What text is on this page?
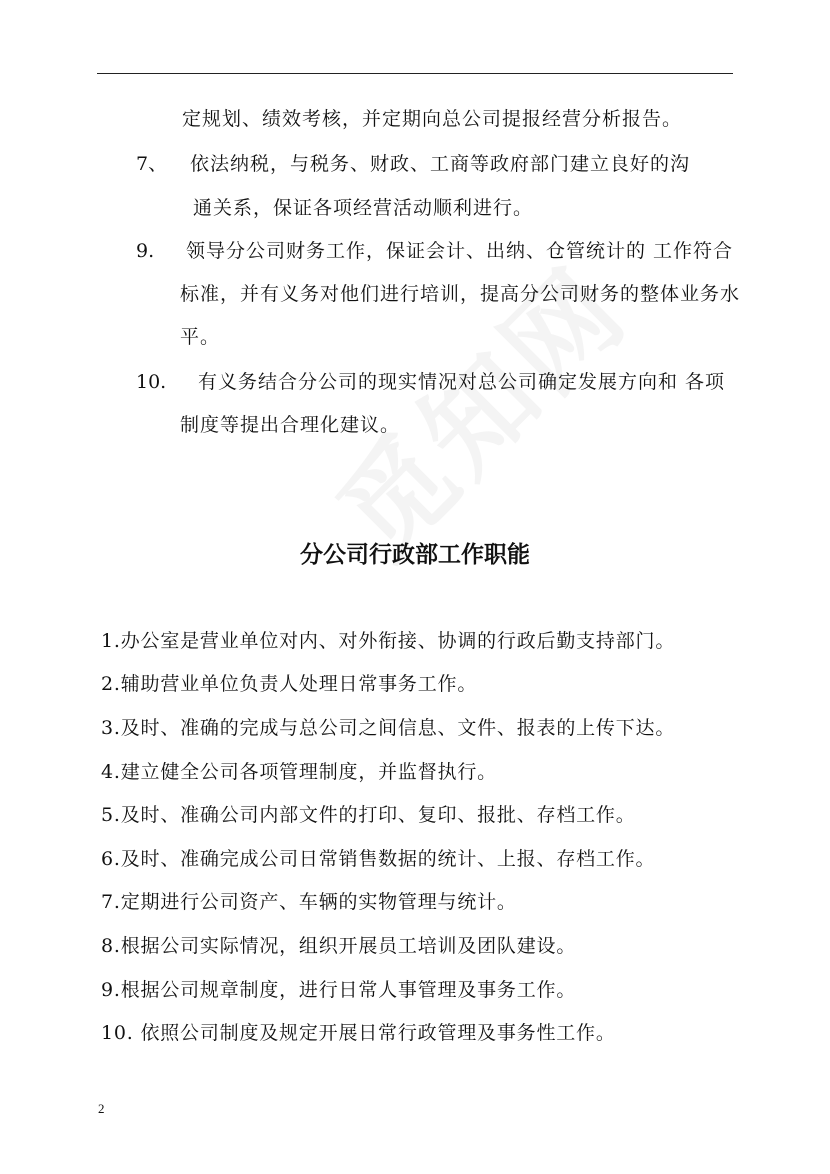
定规划、绩效考核，并定期向总公司提报经营分析报告。
7、 依法纳税，与税务、财政、工商等政府部门建立良好的沟
通关系，保证各项经营活动顺利进行。
9. 领导分公司财务工作，保证会计、出纳、仓管统计的 工作符合
标准，并有义务对他们进行培训，提高分公司财务的整体业务水
平。
10. 有义务结合分公司的现实情况对总公司确定发展方向和 各项
制度等提出合理化建议。
分公司行政部工作职能
1.办公室是营业单位对内、对外衔接、协调的行政后勤支持部门。
2.辅助营业单位负责人处理日常事务工作。
3.及时、准确的完成与总公司之间信息、文件、报表的上传下达。
4.建立健全公司各项管理制度，并监督执行。
5.及时、准确公司内部文件的打印、复印、报批、存档工作。
6.及时、准确完成公司日常销售数据的统计、上报、存档工作。
7.定期进行公司资产、车辆的实物管理与统计。
8.根据公司实际情况，组织开展员工培训及团队建设。
9.根据公司规章制度，进行日常人事管理及事务工作。
10. 依照公司制度及规定开展日常行政管理及事务性工作。
2
